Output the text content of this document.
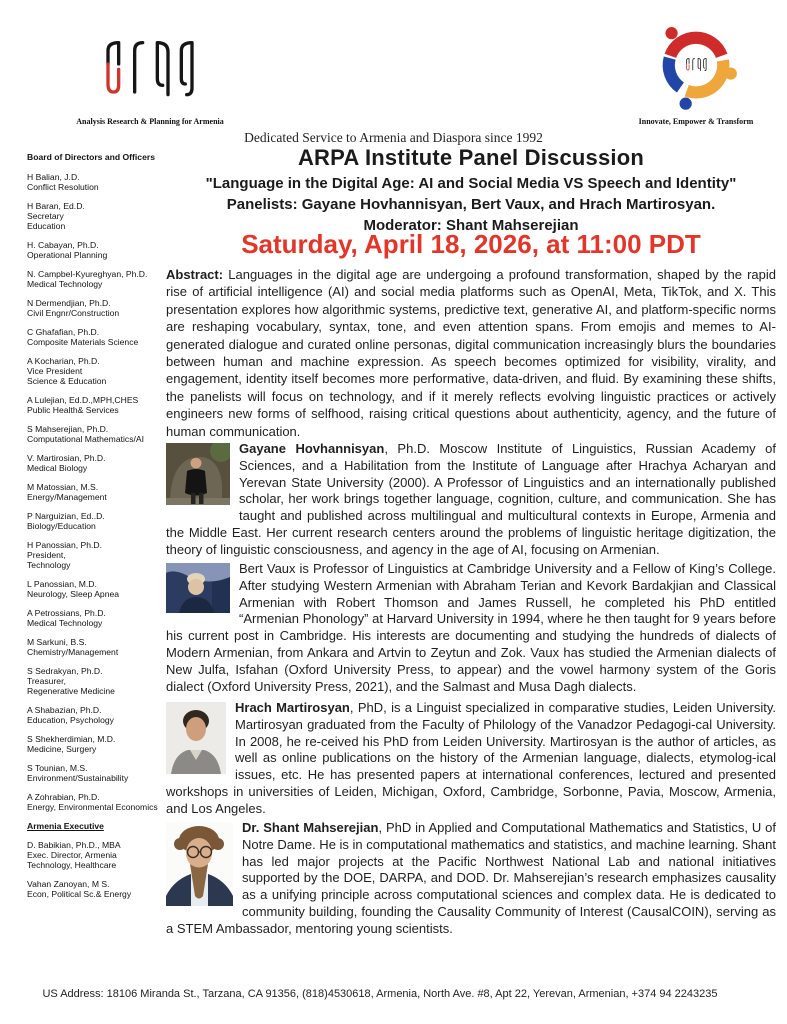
Analysis Research & Planning for Armenia	Innovate, Empower & Transform
Dedicated Service to Armenia and Diaspora since 1992
ARPA Institute Panel Discussion
"Language in the Digital Age: AI and Social Media VS Speech and Identity"
Panelists: Gayane Hovhannisyan, Bert Vaux, and Hrach Martirosyan.
Moderator: Shant Mahserejian
Saturday, April 18, 2026, at 11:00 PDT
Board of Directors and Officers
H Balian, J.D.
Conflict Resolution
H Baran, Ed.D.
Secretary
Education
H. Cabayan, Ph.D.
Operational Planning
N. Campbel-Kyureghyan, Ph.D.
Medical Technology
N Dermendjian, Ph.D.
Civil Engnr/Construction
C Ghafafian, Ph.D.
Composite Materials Science
A Kocharian, Ph.D.
Vice President
Science & Education
A Lulejian, Ed.D.,MPH,CHES
Public Health& Services
S Mahserejian, Ph.D.
Computational Mathematics/AI
V. Martirosian, Ph.D.
Medical Biology
M Matossian, M.S.
Energy/Management
P Narguizian, Ed..D.
Biology/Education
H Panossian, Ph.D.
President,
Technology
L Panossian, M.D.
Neurology, Sleep Apnea
A Petrossians, Ph.D.
Medical Technology
M Sarkuni, B.S.
Chemistry/Management
S Sedrakyan, Ph.D.
Treasurer,
Regenerative Medicine
A Shabazian, Ph.D.
Education, Psychology
S Shekherdimian, M.D.
Medicine, Surgery
S Tounian, M.S.
Environment/Sustainability
A Zohrabian, Ph.D.
Energy, Environmental Economics
Armenia Executive
D. Babikian, Ph.D., MBA
Exec. Director, Armenia
Technology, Healthcare
Vahan Zanoyan, M S.
Econ, Political Sc.& Energy

Abstract: Languages in the digital age are undergoing a profound transformation, shaped by the rapid rise of artificial intelligence (AI) and social media platforms such as OpenAI, Meta, TikTok, and X. This presentation explores how algorithmic systems, predictive text, generative AI, and platform-specific norms are reshaping vocabulary, syntax, tone, and even attention spans. From emojis and memes to AI-generated dialogue and curated online personas, digital communication increasingly blurs the boundaries between human and machine expression. As speech becomes optimized for visibility, virality, and engagement, identity itself becomes more performative, data-driven, and fluid. By examining these shifts, the panelists will focus on technology, and if it merely reflects evolving linguistic practices or actively engineers new forms of selfhood, raising critical questions about authenticity, agency, and the future of human communication.

Gayane Hovhannisyan, Ph.D. Moscow Institute of Linguistics, Russian Academy of Sciences, and a Habilitation from the Institute of Language after Hrachya Acharyan and Yerevan State University (2000). A Professor of Linguistics and an internationally published scholar, her work brings together language, cognition, culture, and communication. She has taught and published across multilingual and multicultural contexts in Europe, Armenia and the Middle East. Her current research centers around the problems of linguistic heritage digitization, the theory of linguistic consciousness, and agency in the age of AI, focusing on Armenian.
Bert Vaux is Professor of Linguistics at Cambridge University and a Fellow of King’s College. After studying Western Armenian with Abraham Terian and Kevork Bardakjian and Classical Armenian with Robert Thomson and James Russell, he completed his PhD entitled “Armenian Phonology” at Harvard University in 1994, where he then taught for 9 years before his current post in Cambridge. His interests are documenting and studying the hundreds of dialects of Modern Armenian, from Ankara and Artvin to Zeytun and Zok. Vaux has studied the Armenian dialects of New Julfa, Isfahan (Oxford University Press, to appear) and the vowel harmony system of the Goris dialect (Oxford University Press, 2021), and the Salmast and Musa Dagh dialects.
Hrach Martirosyan, PhD, is a Linguist specialized in comparative studies, Leiden University. Martirosyan graduated from the Faculty of Philology of the Vanadzor Pedagogi-cal University. In 2008, he re-ceived his PhD from Leiden University. Martirosyan is the author of articles, as well as online publications on the history of the Armenian language, dialects, etymolog-ical issues, etc. He has presented papers at international conferences, lectured and presented workshops in universities of Leiden, Michigan, Oxford, Cambridge, Sorbonne, Pavia, Moscow, Armenia, and Los Angeles.
Dr. Shant Mahserejian, PhD in Applied and Computational Mathematics and Statistics, U of Notre Dame. He is in computational mathematics and statistics, and machine learning. Shant has led major projects at the Pacific Northwest National Lab and national initiatives supported by the DOE, DARPA, and DOD. Dr. Mahserejian’s research emphasizes causality as a unifying principle across computational sciences and complex data. He is dedicated to community building, founding the Causality Community of Interest (CausalCOIN), serving as a STEM Ambassador, mentoring young scientists.
US Address: 18106 Miranda St., Tarzana, CA 91356, (818)4530618, Armenia, North Ave. #8, Apt 22, Yerevan, Armenian, +374 94 2243235
